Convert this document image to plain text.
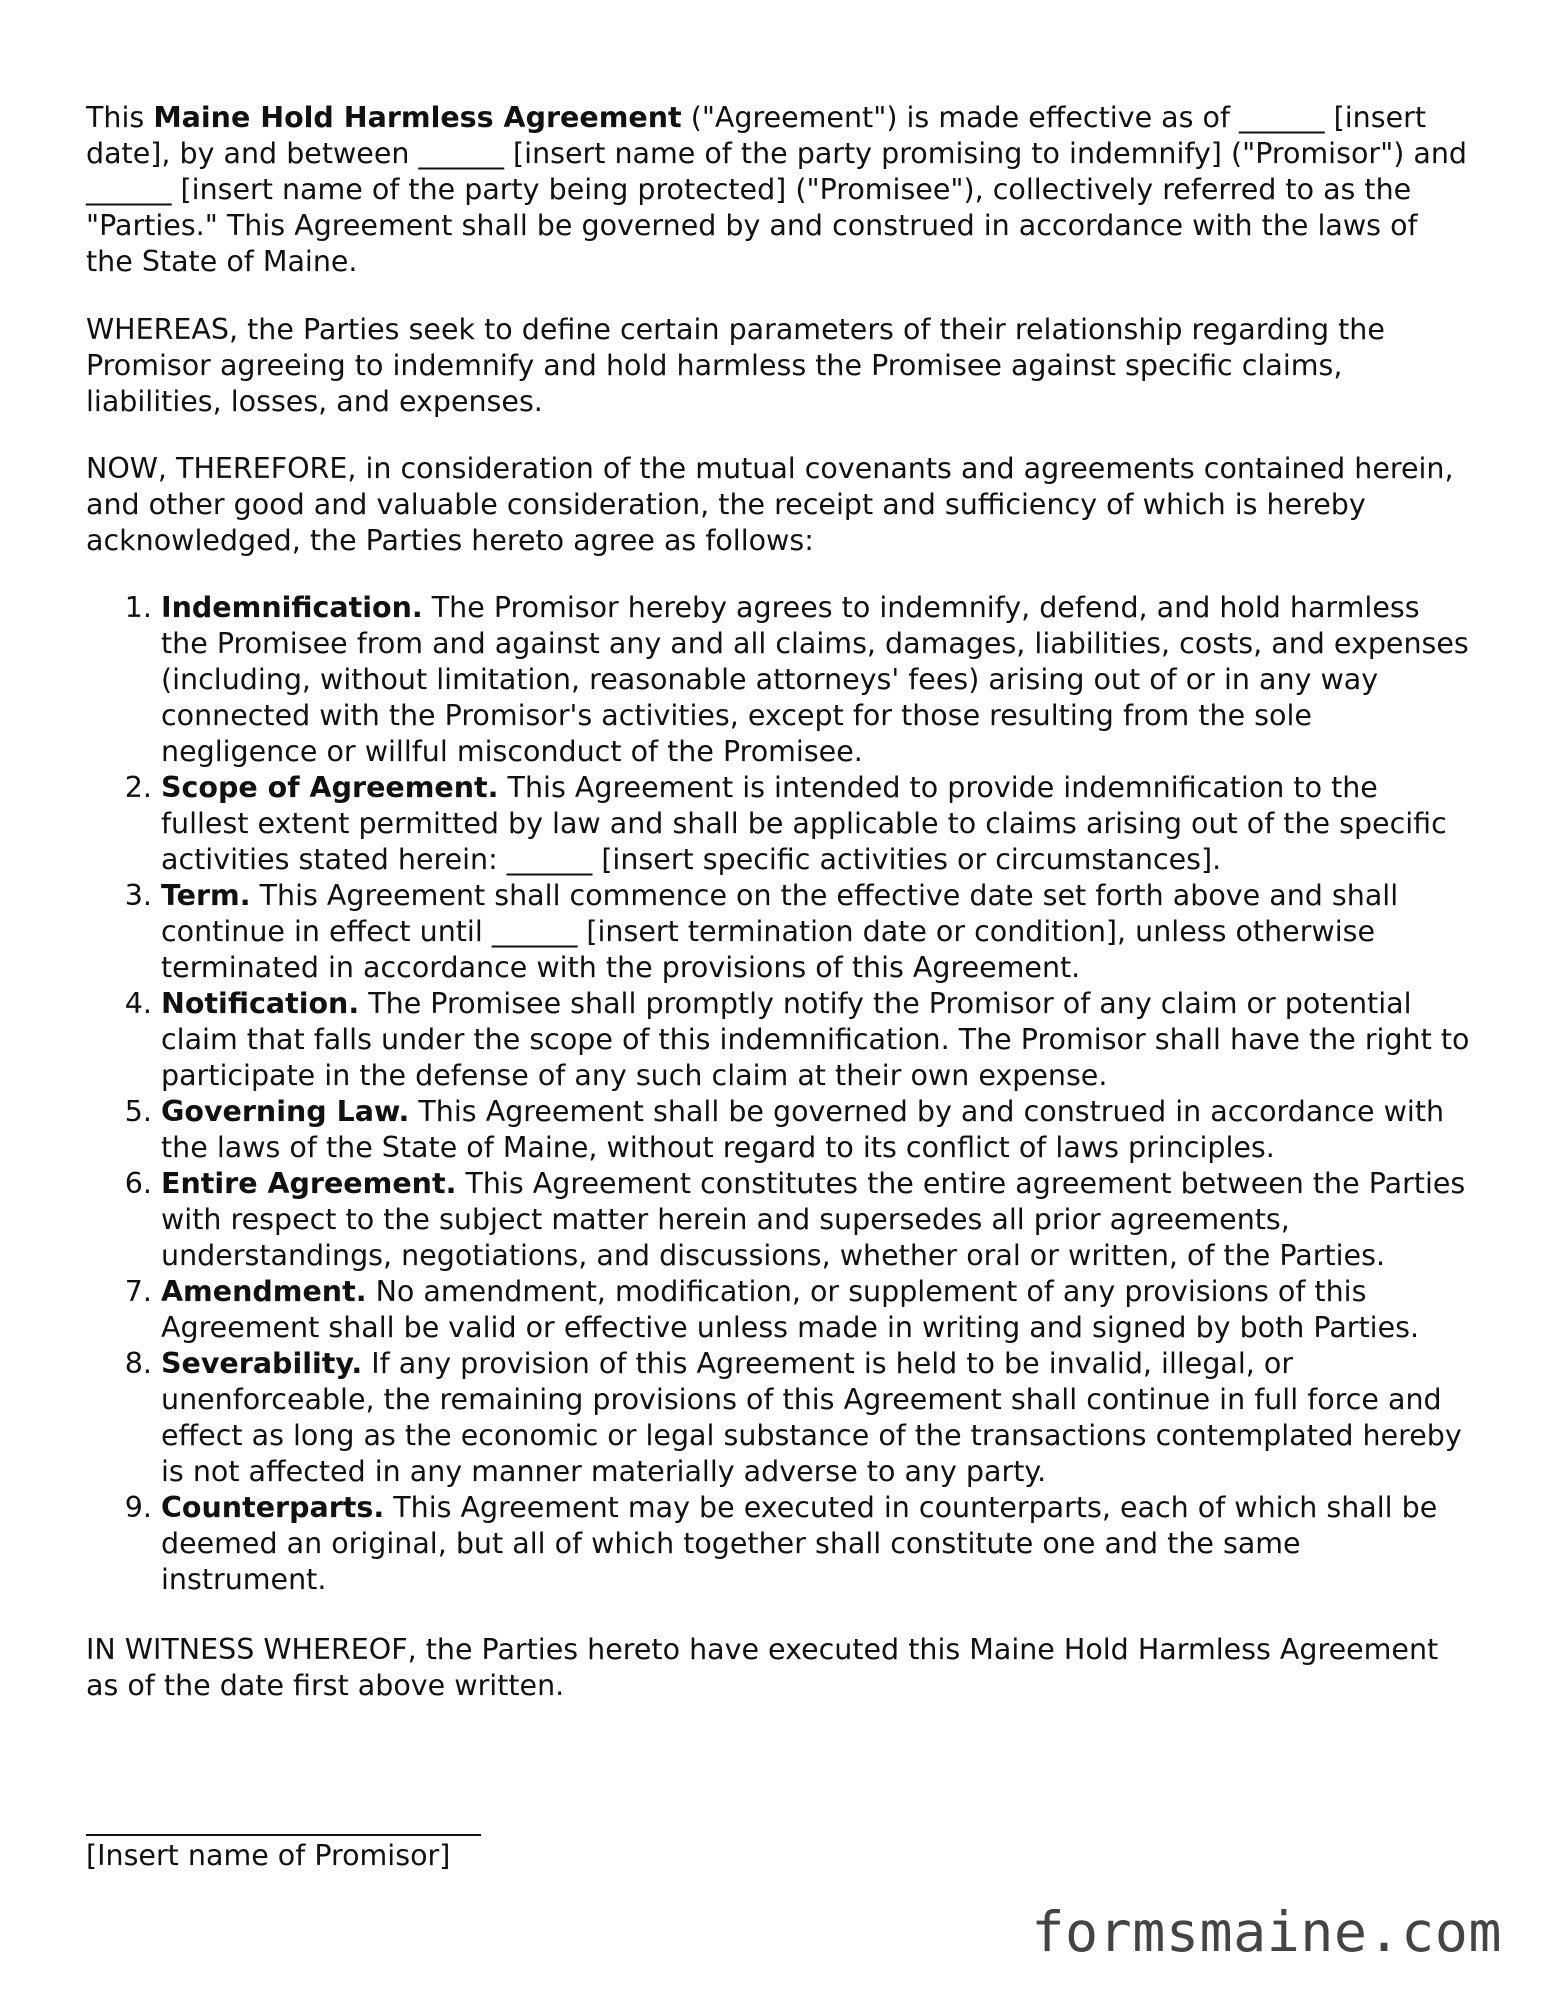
This Maine Hold Harmless Agreement ("Agreement") is made effective as of ______ [insert date], by and between ______ [insert name of the party promising to indemnify] ("Promisor") and ______ [insert name of the party being protected] ("Promisee"), collectively referred to as the "Parties." This Agreement shall be governed by and construed in accordance with the laws of the State of Maine.

WHEREAS, the Parties seek to define certain parameters of their relationship regarding the Promisor agreeing to indemnify and hold harmless the Promisee against specific claims, liabilities, losses, and expenses.

NOW, THEREFORE, in consideration of the mutual covenants and agreements contained herein, and other good and valuable consideration, the receipt and sufficiency of which is hereby acknowledged, the Parties hereto agree as follows:

1. Indemnification. The Promisor hereby agrees to indemnify, defend, and hold harmless the Promisee from and against any and all claims, damages, liabilities, costs, and expenses (including, without limitation, reasonable attorneys' fees) arising out of or in any way connected with the Promisor's activities, except for those resulting from the sole negligence or willful misconduct of the Promisee.
2. Scope of Agreement. This Agreement is intended to provide indemnification to the fullest extent permitted by law and shall be applicable to claims arising out of the specific activities stated herein: ______ [insert specific activities or circumstances].
3. Term. This Agreement shall commence on the effective date set forth above and shall continue in effect until ______ [insert termination date or condition], unless otherwise terminated in accordance with the provisions of this Agreement.
4. Notification. The Promisee shall promptly notify the Promisor of any claim or potential claim that falls under the scope of this indemnification. The Promisor shall have the right to participate in the defense of any such claim at their own expense.
5. Governing Law. This Agreement shall be governed by and construed in accordance with the laws of the State of Maine, without regard to its conflict of laws principles.
6. Entire Agreement. This Agreement constitutes the entire agreement between the Parties with respect to the subject matter herein and supersedes all prior agreements, understandings, negotiations, and discussions, whether oral or written, of the Parties.
7. Amendment. No amendment, modification, or supplement of any provisions of this Agreement shall be valid or effective unless made in writing and signed by both Parties.
8. Severability. If any provision of this Agreement is held to be invalid, illegal, or unenforceable, the remaining provisions of this Agreement shall continue in full force and effect as long as the economic or legal substance of the transactions contemplated hereby is not affected in any manner materially adverse to any party.
9. Counterparts. This Agreement may be executed in counterparts, each of which shall be deemed an original, but all of which together shall constitute one and the same instrument.

IN WITNESS WHEREOF, the Parties hereto have executed this Maine Hold Harmless Agreement as of the date first above written.

[Insert name of Promisor]
formsmaine.com
